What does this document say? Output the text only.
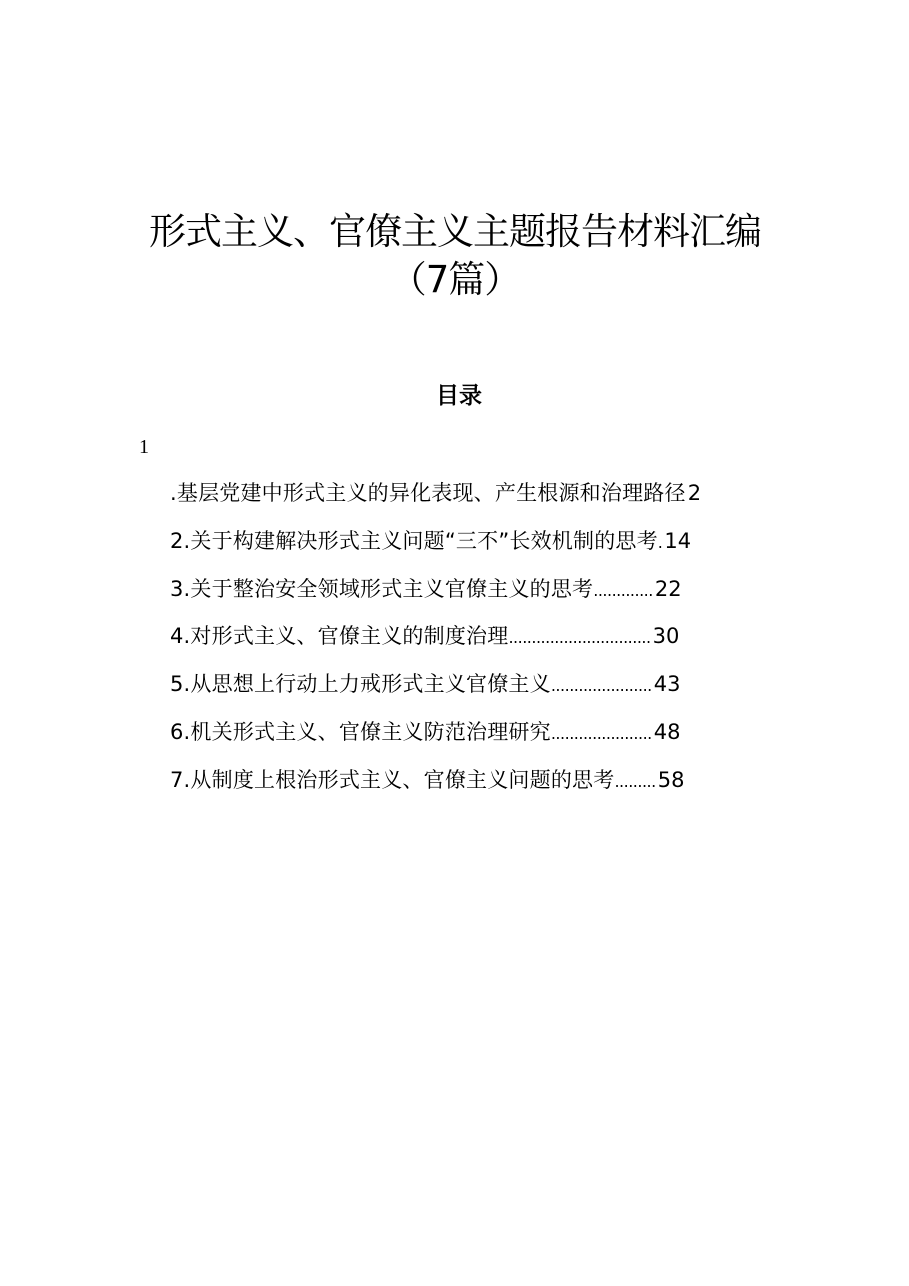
形式主义、官僚主义主题报告材料汇编（7篇）
目录
1
.基层党建中形式主义的异化表现、产生根源和治理路径 2
2.关于构建解决形式主义问题“三不”长效机制的思考 . 14
3.关于整治安全领域形式主义官僚主义的思考 ............. 22
4.对形式主义、官僚主义的制度治理 ............................... 30
5.从思想上行动上力戒形式主义官僚主义 ...................... 43
6.机关形式主义、官僚主义防范治理研究 ...................... 48
7.从制度上根治形式主义、官僚主义问题的思考 ......... 58
